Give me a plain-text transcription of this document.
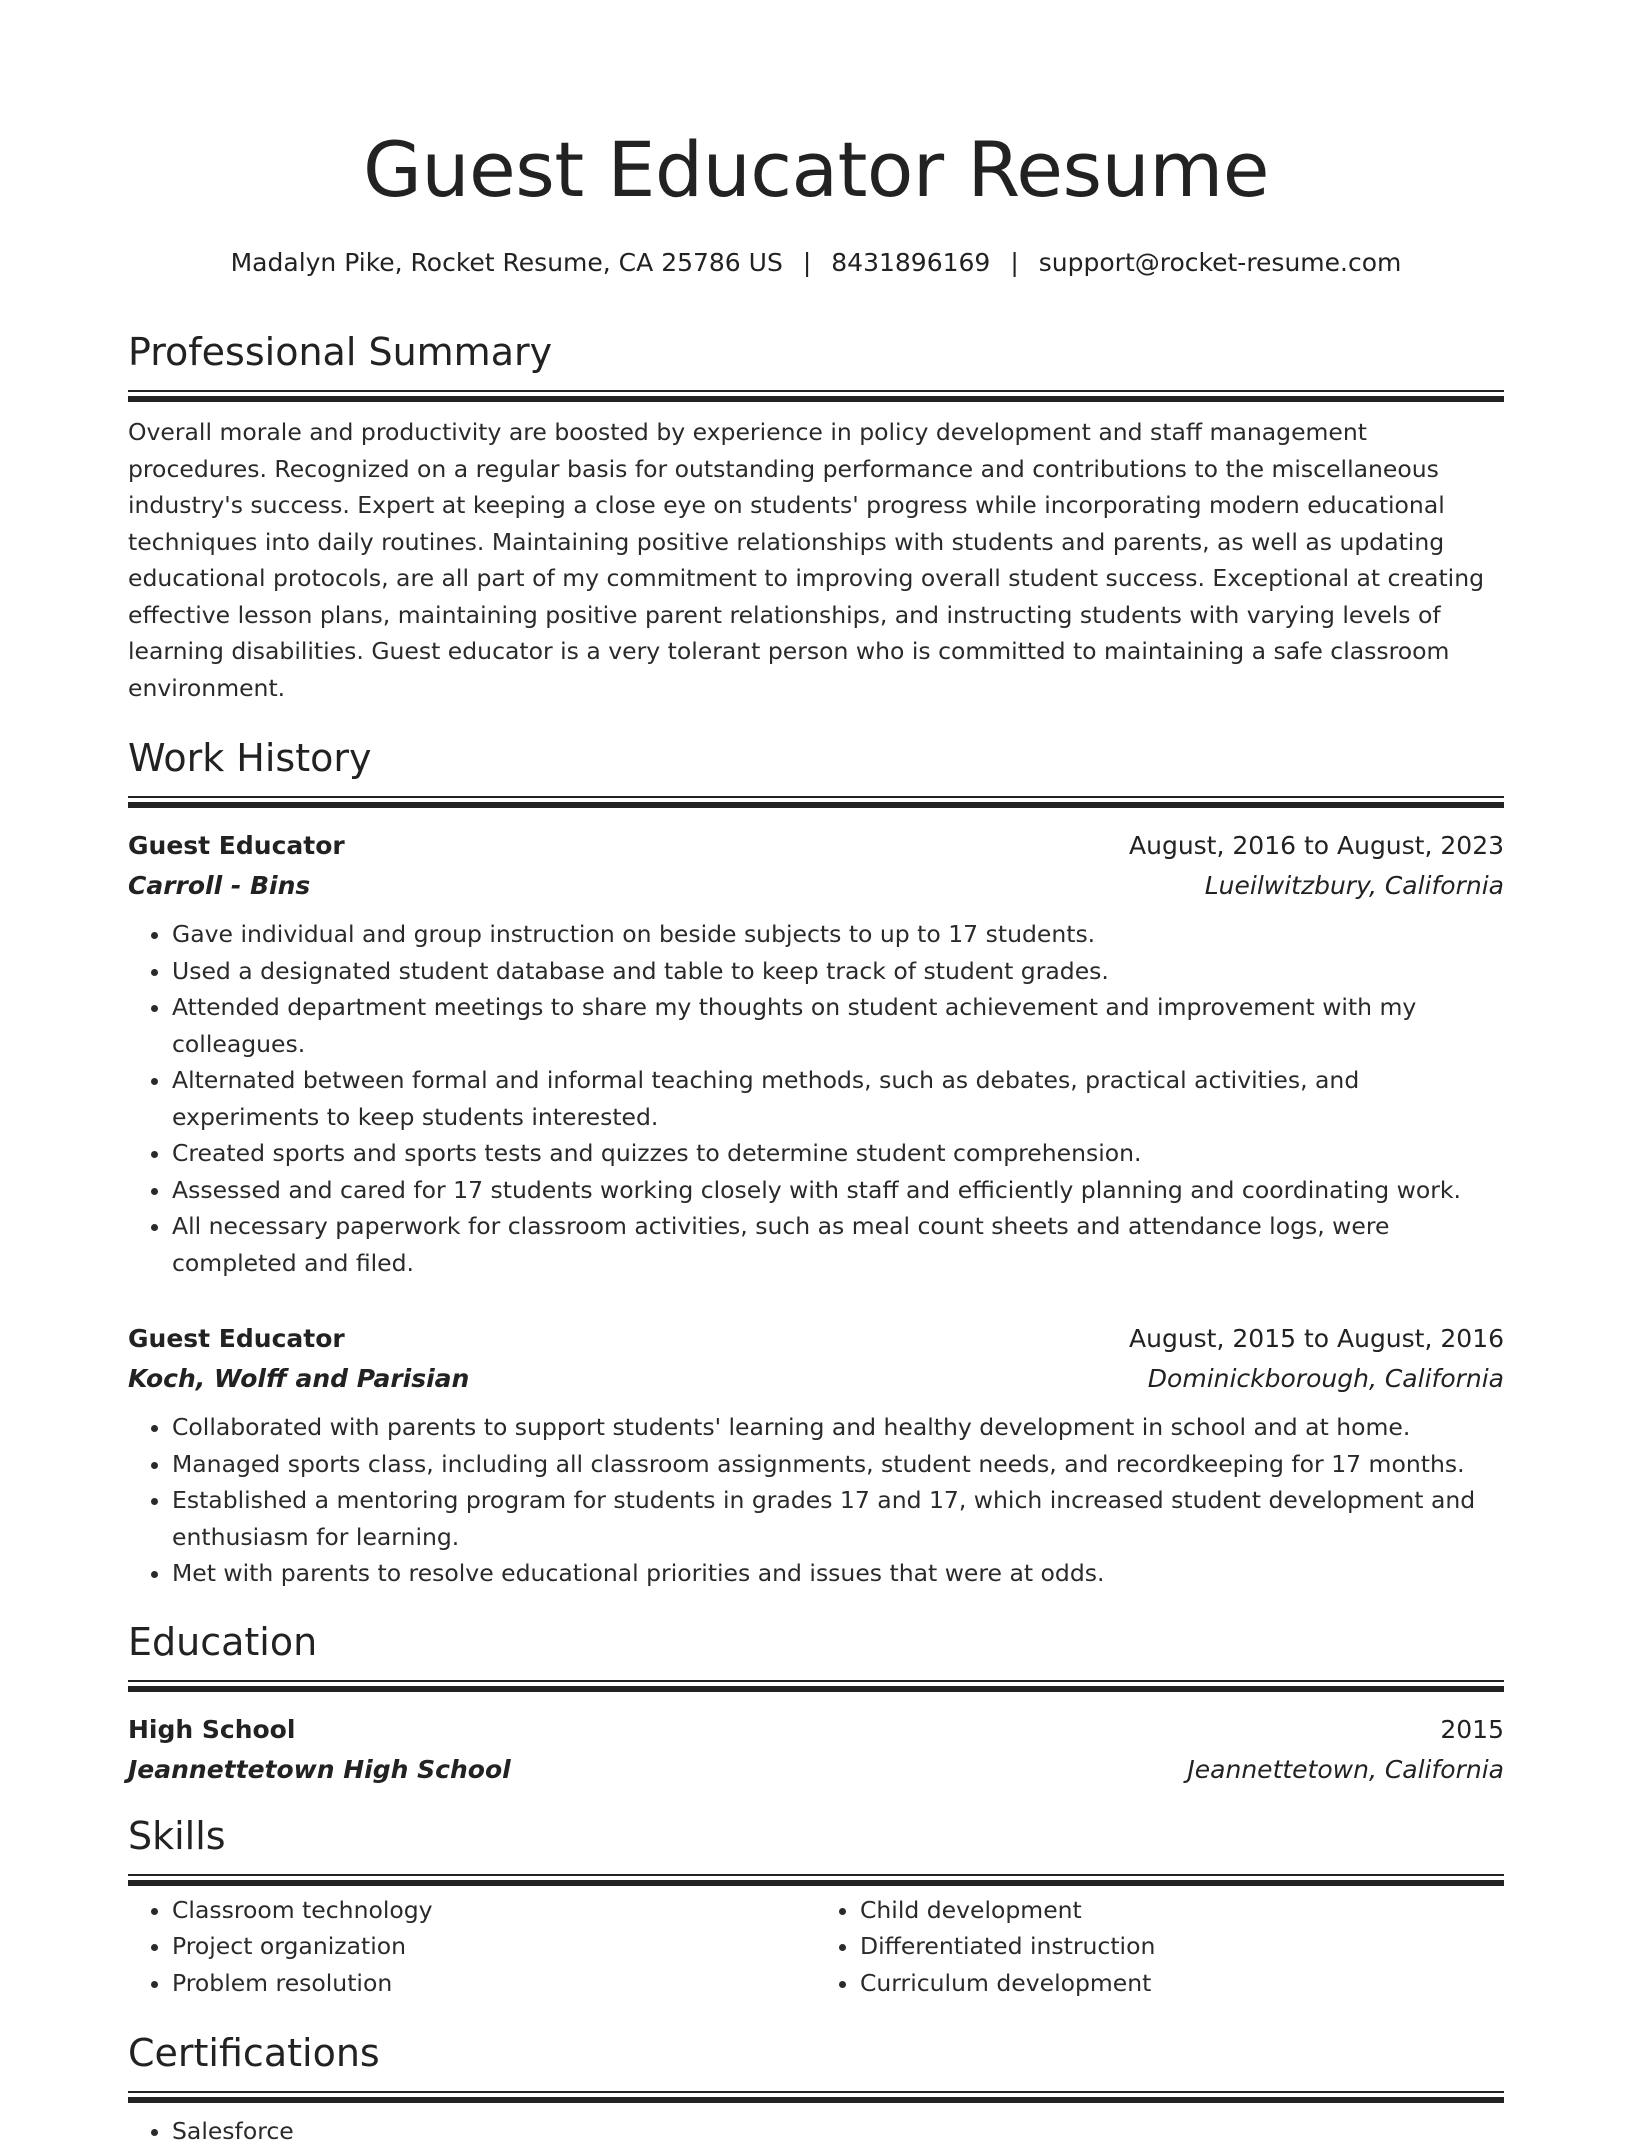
Guest Educator Resume
Madalyn Pike, Rocket Resume, CA 25786 US | 8431896169 | support@rocket-resume.com
Professional Summary
Overall morale and productivity are boosted by experience in policy development and staff management procedures. Recognized on a regular basis for outstanding performance and contributions to the miscellaneous industry's success. Expert at keeping a close eye on students' progress while incorporating modern educational techniques into daily routines. Maintaining positive relationships with students and parents, as well as updating educational protocols, are all part of my commitment to improving overall student success. Exceptional at creating effective lesson plans, maintaining positive parent relationships, and instructing students with varying levels of learning disabilities. Guest educator is a very tolerant person who is committed to maintaining a safe classroom environment.
Work History
Guest Educator	August, 2016 to August, 2023
Carroll - Bins	Lueilwitzbury, California
• Gave individual and group instruction on beside subjects to up to 17 students.
• Used a designated student database and table to keep track of student grades.
• Attended department meetings to share my thoughts on student achievement and improvement with my colleagues.
• Alternated between formal and informal teaching methods, such as debates, practical activities, and experiments to keep students interested.
• Created sports and sports tests and quizzes to determine student comprehension.
• Assessed and cared for 17 students working closely with staff and efficiently planning and coordinating work.
• All necessary paperwork for classroom activities, such as meal count sheets and attendance logs, were completed and filed.
Guest Educator	August, 2015 to August, 2016
Koch, Wolff and Parisian	Dominickborough, California
• Collaborated with parents to support students' learning and healthy development in school and at home.
• Managed sports class, including all classroom assignments, student needs, and recordkeeping for 17 months.
• Established a mentoring program for students in grades 17 and 17, which increased student development and enthusiasm for learning.
• Met with parents to resolve educational priorities and issues that were at odds.
Education
High School	2015
Jeannettetown High School	Jeannettetown, California
Skills
• Classroom technology
• Project organization
• Problem resolution
• Child development
• Differentiated instruction
• Curriculum development
Certifications
• Salesforce
